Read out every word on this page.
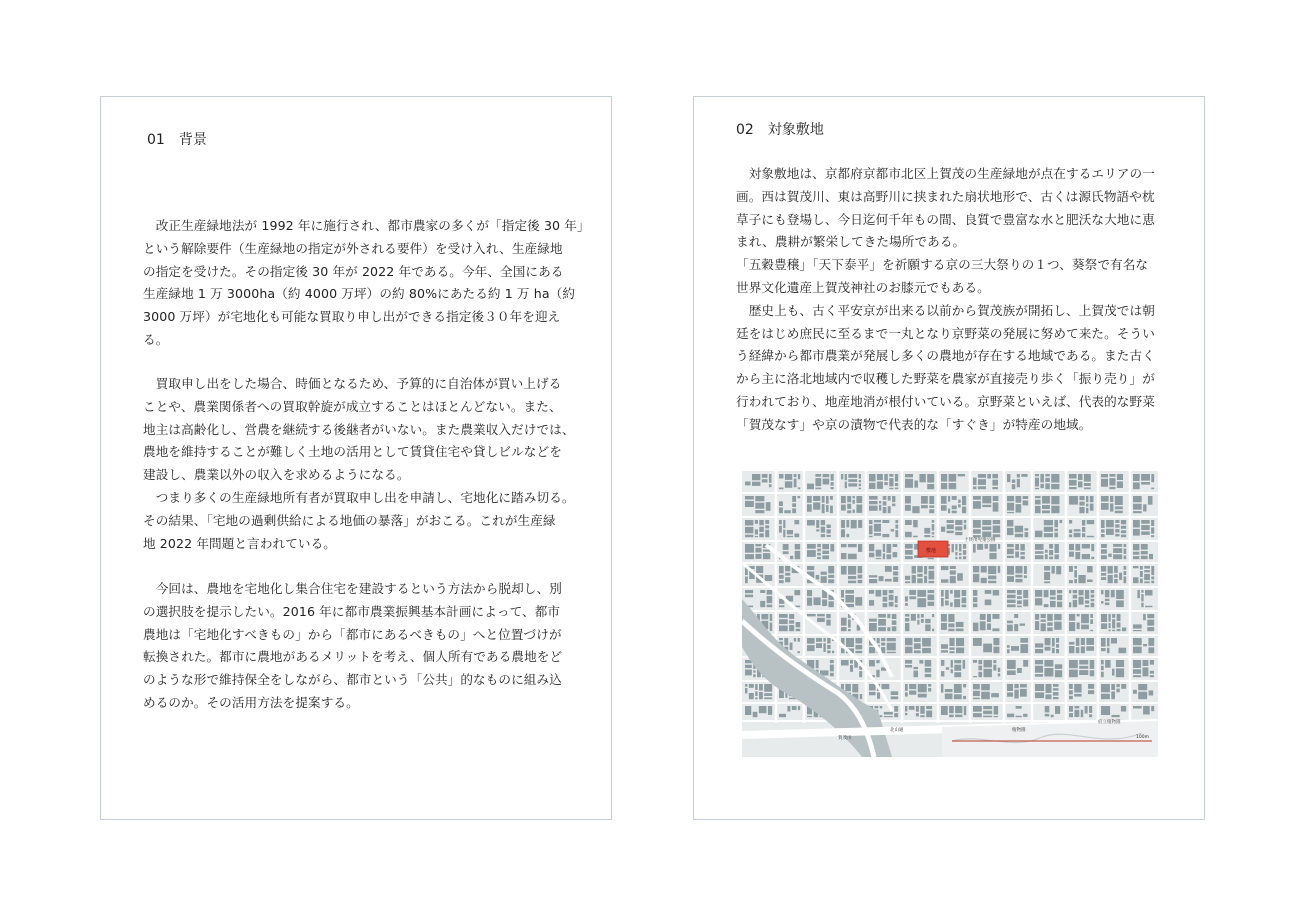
01　背景

　改正生産緑地法が 1992 年に施行され、都市農家の多くが「指定後 30 年」
という解除要件（生産緑地の指定が外される要件）を受け入れ、生産緑地
の指定を受けた。その指定後 30 年が 2022 年である。今年、全国にある
生産緑地 1 万 3000ha（約 4000 万坪）の約 80%にあたる約 1 万 ha（約
3000 万坪）が宅地化も可能な買取り申し出ができる指定後３０年を迎え
る。

　買取申し出をした場合、時価となるため、予算的に自治体が買い上げる
ことや、農業関係者への買取幹旋が成立することはほとんどない。また、
地主は高齢化し、営農を継続する後継者がいない。また農業収入だけでは、
農地を維持することが難しく土地の活用として賃貸住宅や貸しビルなどを
建設し、農業以外の収入を求めるようになる。
　つまり多くの生産緑地所有者が買取申し出を申請し、宅地化に踏み切る。
その結果、「宅地の過剰供給による地価の暴落」がおこる。これが生産緑
地 2022 年問題と言われている。

　今回は、農地を宅地化し集合住宅を建設するという方法から脱却し、別
の選択肢を提示したい。2016 年に都市農業振興基本計画によって、都市
農地は「宅地化すべきもの」から「都市にあるべきもの」へと位置づけが
転換された。都市に農地があるメリットを考え、個人所有である農地をど
のような形で維持保全をしながら、都市という「公共」的なものに組み込
めるのか。その活用方法を提案する。

02　対象敷地

　対象敷地は、京都府京都市北区上賀茂の生産緑地が点在するエリアの一
画。西は賀茂川、東は高野川に挟まれた扇状地形で、古くは源氏物語や枕
草子にも登場し、今日迄何千年もの間、良質で豊富な水と肥沃な大地に恵
まれ、農耕が繁栄してきた場所である。
「五穀豊穣」「天下泰平」を祈願する京の三大祭りの１つ、葵祭で有名な
世界文化遺産上賀茂神社のお膝元でもある。
　歴史上も、古く平安京が出来る以前から賀茂族が開拓し、上賀茂では朝
廷をはじめ庶民に至るまで一丸となり京野菜の発展に努めて来た。そうい
う経緯から都市農業が発展し多くの農地が存在する地域である。また古く
から主に洛北地域内で収穫した野菜を農家が直接売り歩く「振り売り」が
行われており、地産地消が根付いている。京野菜といえば、代表的な野菜
「賀茂なす」や京の漬物で代表的な「すぐき」が特産の地域。

敷地
上賀茂児童公園
賀茂川
北山通	植物園
府立植物園
100m
